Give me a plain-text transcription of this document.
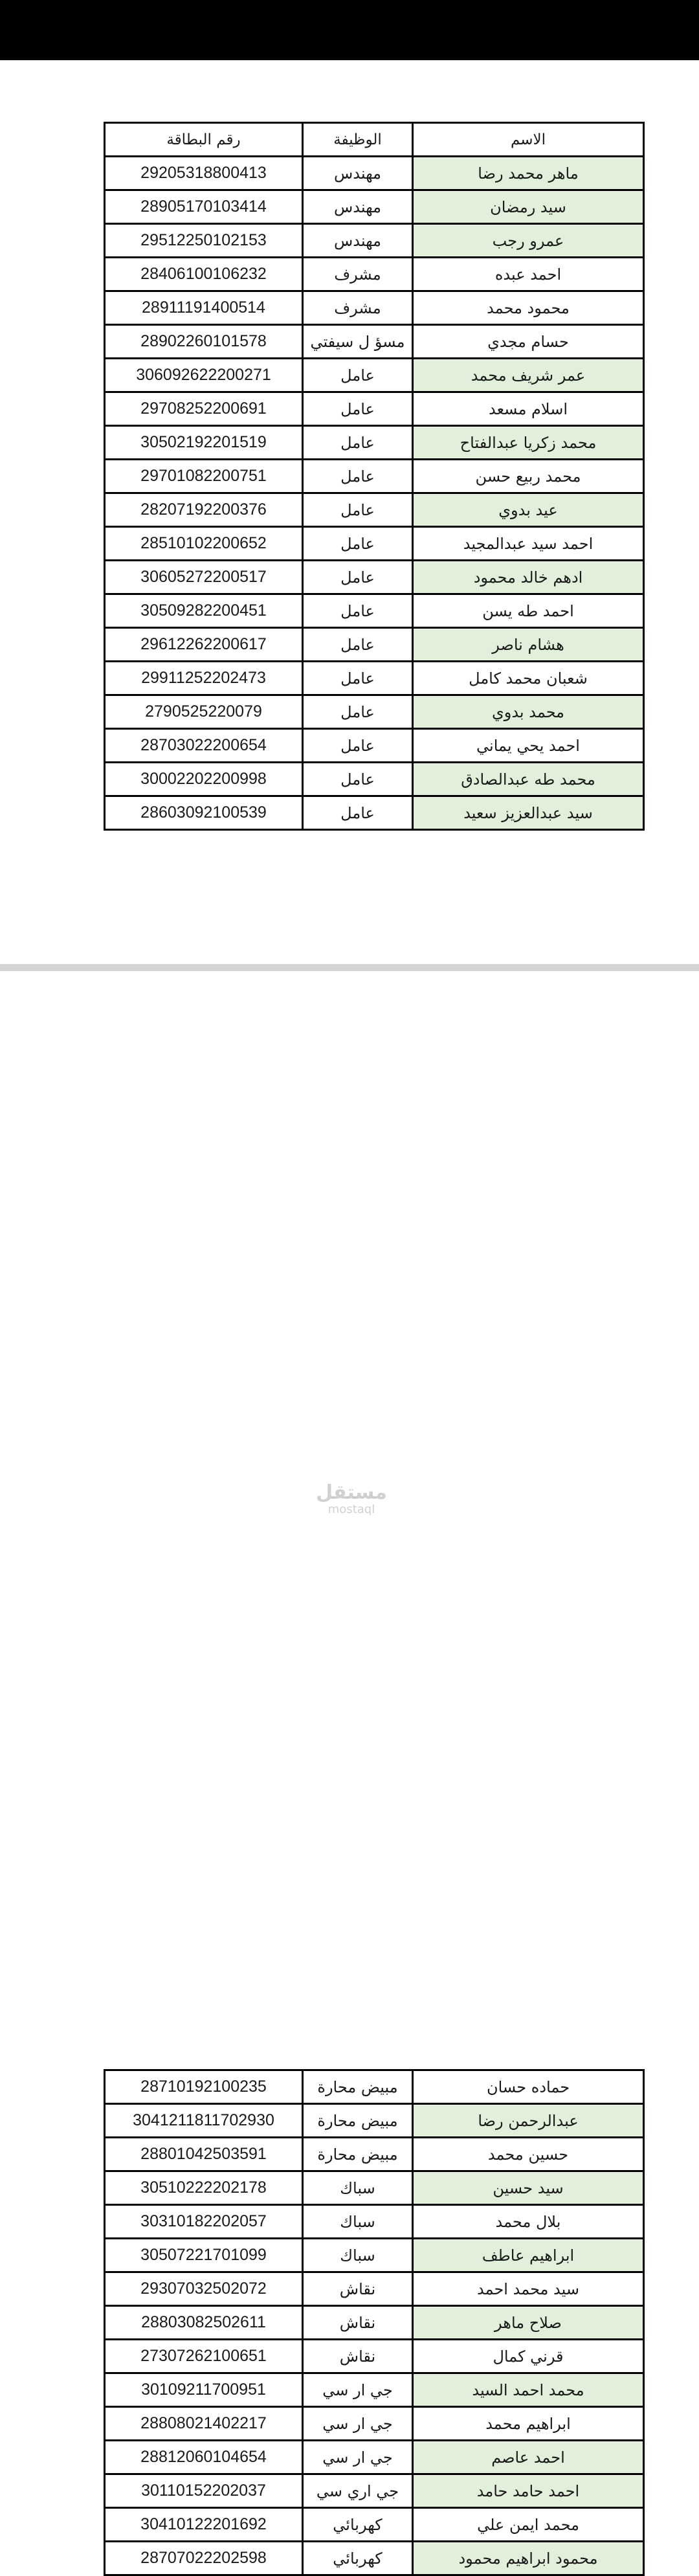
رقم البطاقة	الوظيفة	الاسم
29205318800413	مهندس	ماهر محمد رضا
28905170103414	مهندس	سيد رمضان
29512250102153	مهندس	عمرو رجب
28406100106232	مشرف	احمد عبده
28911191400514	مشرف	محمود محمد
28902260101578	مسؤ ل سيفتي	حسام مجدي
306092622200271	عامل	عمر شريف محمد
29708252200691	عامل	اسلام مسعد
30502192201519	عامل	محمد زكريا عبدالفتاح
29701082200751	عامل	محمد ربيع حسن
28207192200376	عامل	عيد بدوي
28510102200652	عامل	احمد سيد عبدالمجيد
30605272200517	عامل	ادهم خالد محمود
30509282200451	عامل	احمد طه يسن
29612262200617	عامل	هشام ناصر
29911252202473	عامل	شعبان محمد كامل
2790525220079	عامل	محمد بدوي
28703022200654	عامل	احمد يحي يماني
30002202200998	عامل	محمد طه عبدالصادق
28603092100539	عامل	سيد عبدالعزيز سعيد
28710192100235	مبيض محارة	حماده حسان
3041211811702930	مبيض محارة	عبدالرحمن رضا
28801042503591	مبيض محارة	حسين محمد
30510222202178	سباك	سيد حسين
30310182202057	سباك	بلال محمد
30507221701099	سباك	ابراهيم عاطف
29307032502072	نقاش	سيد محمد احمد
28803082502611	نقاش	صلاح ماهر
27307262100651	نقاش	قرني كمال
30109211700951	جي ار سي	محمد احمد السيد
28808021402217	جي ار سي	ابراهيم محمد
28812060104654	جي ار سي	احمد عاصم
30110152202037	جي اري سي	احمد حامد حامد
30410122201692	كهربائي	محمد ايمن علي
28707022202598	كهربائي	محمود ابراهيم محمود
مستقل
mostaql
